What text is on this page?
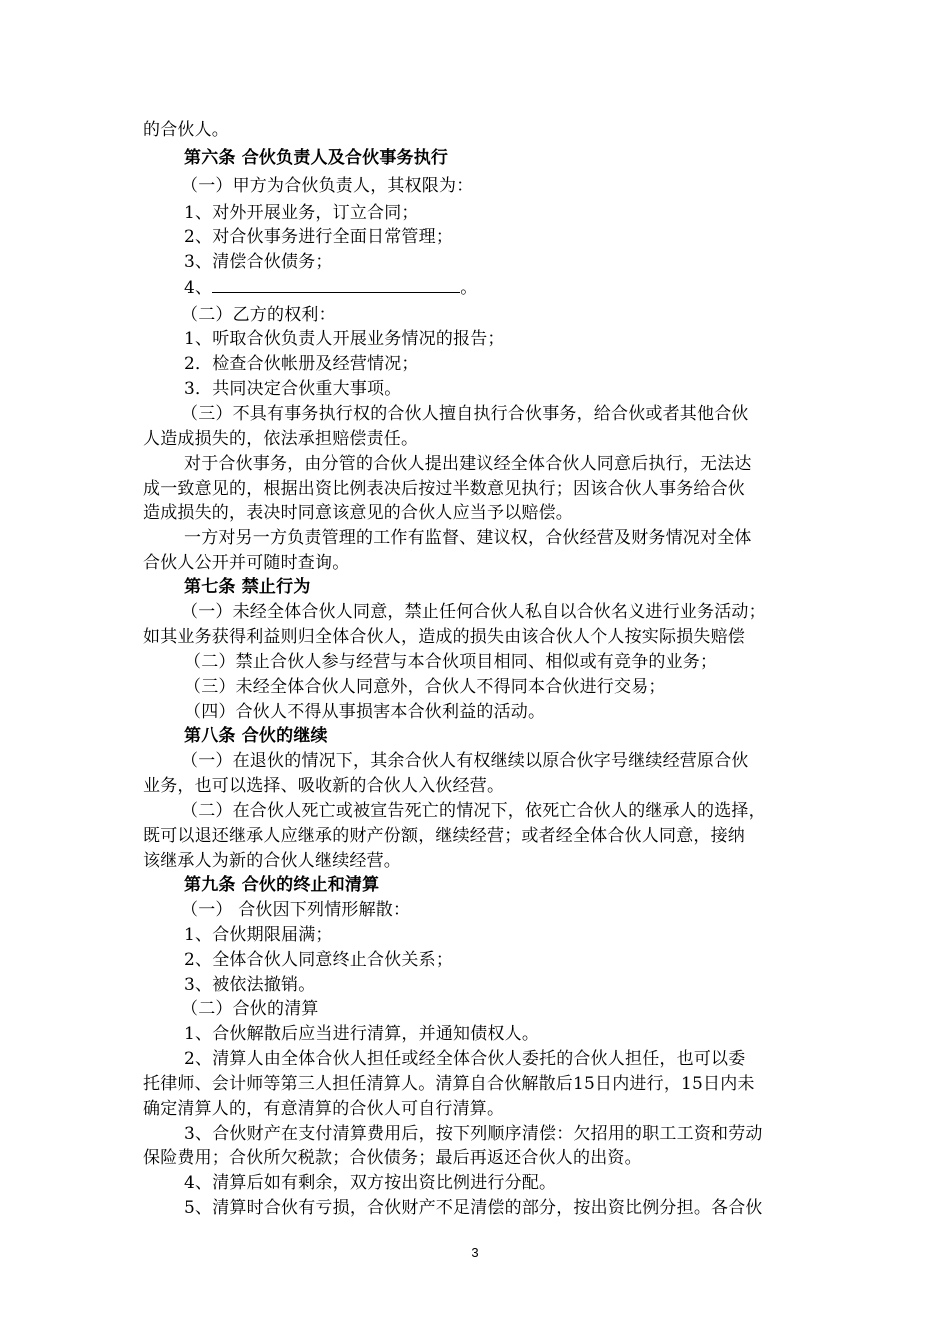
的合伙人。
第六条 合伙负责人及合伙事务执行
（一）甲方为合伙负责人，其权限为：
1、对外开展业务，订立合同；
2、对合伙事务进行全面日常管理；
3、清偿合伙债务；
4、	。
（二）乙方的权利：
1、听取合伙负责人开展业务情况的报告；
2．检查合伙帐册及经营情况；
3．共同决定合伙重大事项。
（三）不具有事务执行权的合伙人擅自执行合伙事务，给合伙或者其他合伙
人造成损失的，依法承担赔偿责任。
对于合伙事务，由分管的合伙人提出建议经全体合伙人同意后执行，无法达
成一致意见的，根据出资比例表决后按过半数意见执行；因该合伙人事务给合伙
造成损失的，表决时同意该意见的合伙人应当予以赔偿。
一方对另一方负责管理的工作有监督、建议权，合伙经营及财务情况对全体
合伙人公开并可随时查询。
第七条 禁止行为
（一）未经全体合伙人同意，禁止任何合伙人私自以合伙名义进行业务活动；
如其业务获得利益则归全体合伙人，造成的损失由该合伙人个人按实际损失赔偿
（二）禁止合伙人参与经营与本合伙项目相同、相似或有竞争的业务；
（三）未经全体合伙人同意外，合伙人不得同本合伙进行交易；
（四）合伙人不得从事损害本合伙利益的活动。
第八条 合伙的继续
（一）在退伙的情况下，其余合伙人有权继续以原合伙字号继续经营原合伙
业务，也可以选择、吸收新的合伙人入伙经营。
（二）在合伙人死亡或被宣告死亡的情况下，依死亡合伙人的继承人的选择，
既可以退还继承人应继承的财产份额，继续经营；或者经全体合伙人同意，接纳
该继承人为新的合伙人继续经营。
第九条 合伙的终止和清算
（一） 合伙因下列情形解散：
1、合伙期限届满；
2、全体合伙人同意终止合伙关系；
3、被依法撤销。
（二）合伙的清算
1、合伙解散后应当进行清算，并通知债权人。
2、清算人由全体合伙人担任或经全体合伙人委托的合伙人担任，也可以委
托律师、会计师等第三人担任清算人。清算自合伙解散后15日内进行，15日内未
确定清算人的，有意清算的合伙人可自行清算。
3、合伙财产在支付清算费用后，按下列顺序清偿：欠招用的职工工资和劳动
保险费用；合伙所欠税款；合伙债务；最后再返还合伙人的出资。
4、清算后如有剩余，双方按出资比例进行分配。
5、清算时合伙有亏损，合伙财产不足清偿的部分，按出资比例分担。各合伙
3
